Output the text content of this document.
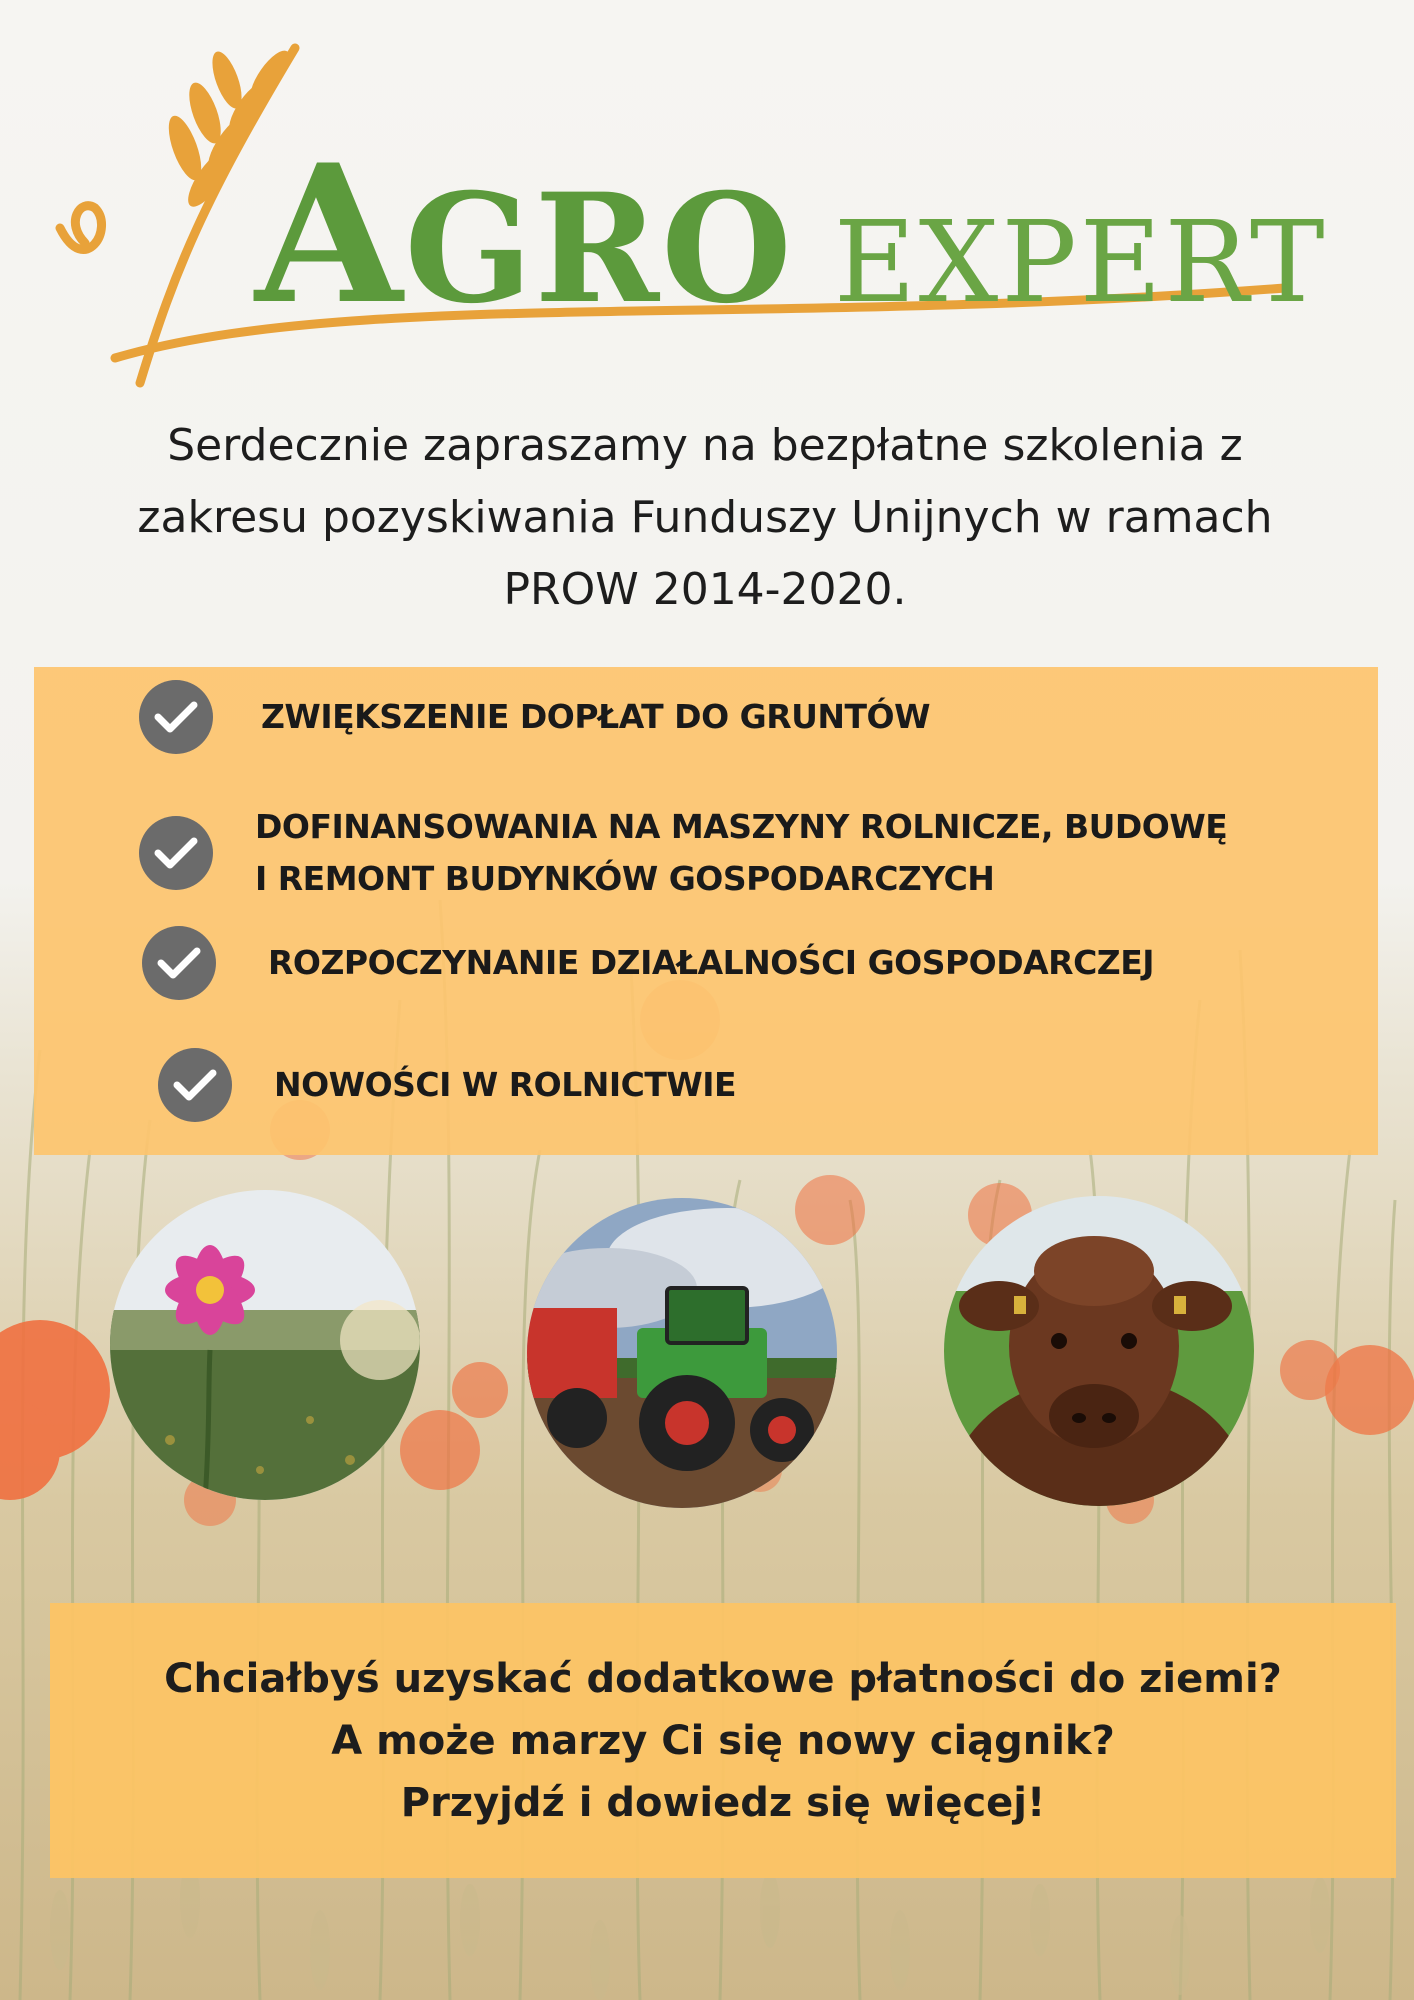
AGRO EXPERT
Serdecznie zapraszamy na bezpłatne szkolenia z
zakresu pozyskiwania Funduszy Unijnych w ramach
PROW 2014-2020.
ZWIĘKSZENIE DOPŁAT DO GRUNTÓW
DOFINANSOWANIA NA MASZYNY ROLNICZE, BUDOWĘ
I REMONT BUDYNKÓW GOSPODARCZYCH
ROZPOCZYNANIE DZIAŁALNOŚCI GOSPODARCZEJ
NOWOŚCI W ROLNICTWIE
Chciałbyś uzyskać dodatkowe płatności do ziemi?
A może marzy Ci się nowy ciągnik?
Przyjdź i dowiedz się więcej!
